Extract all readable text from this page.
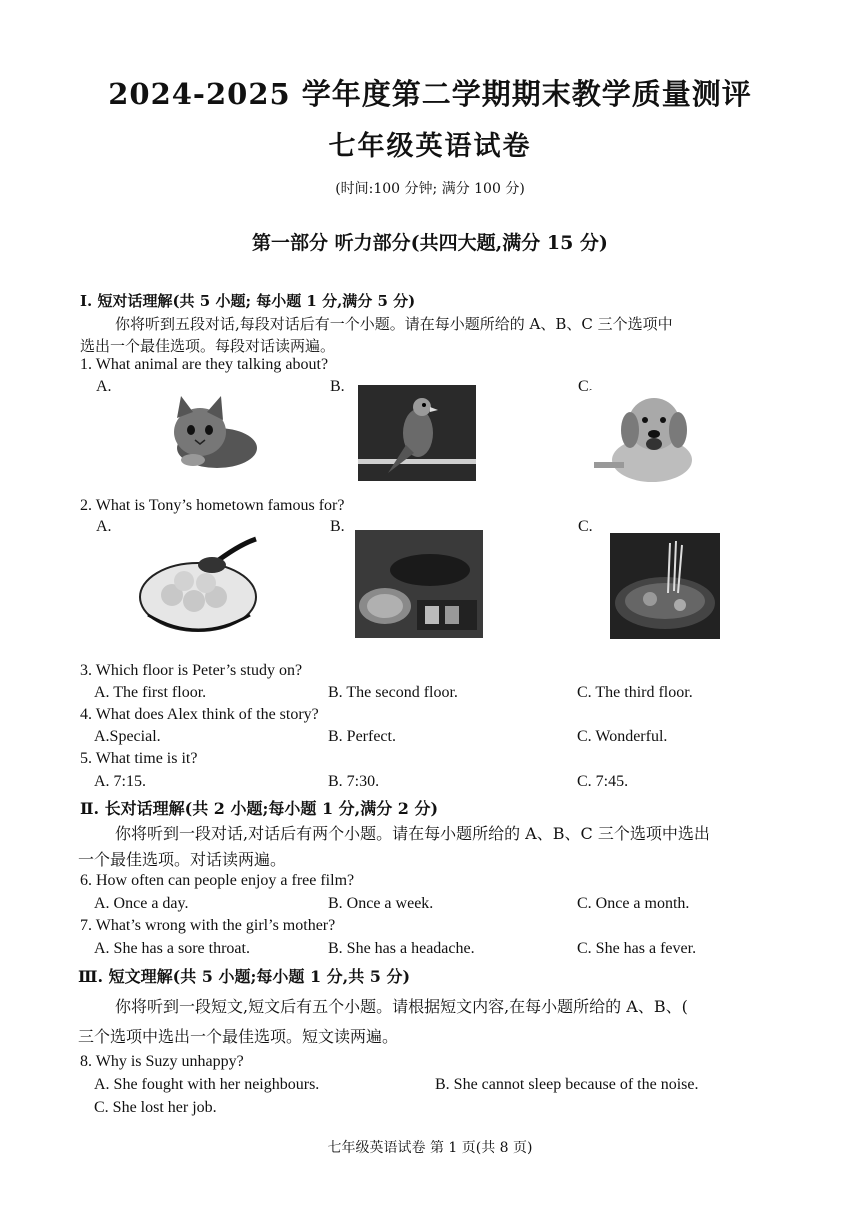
2024-2025 学年度第二学期期末教学质量测评
七年级英语试卷
(时间:100 分钟; 满分 100 分)
第一部分 听力部分(共四大题,满分 15 分)
Ⅰ. 短对话理解(共 5 小题; 每小题 1 分,满分 5 分)
你将听到五段对话,每段对话后有一个小题。请在每小题所给的 A、B、C 三个选项中
选出一个最佳选项。每段对话读两遍。
1. What animal are they talking about?
A.	B.	C.
2. What is Tony’s hometown famous for?
A.	B.	C.
3. Which floor is Peter’s study on?
A. The first floor.	B. The second floor.	C. The third floor.
4. What does Alex think of the story?
A.Special.	B. Perfect.	C. Wonderful.
5. What time is it?
A. 7:15.	B. 7:30.	C. 7:45.
Ⅱ. 长对话理解(共 2 小题;每小题 1 分,满分 2 分)
你将听到一段对话,对话后有两个小题。请在每小题所给的 A、B、C 三个选项中选出
一个最佳选项。对话读两遍。
6. How often can people enjoy a free film?
A. Once a day.	B. Once a week.	C. Once a month.
7. What’s wrong with the girl’s mother?
A. She has a sore throat.	B. She has a headache.	C. She has a fever.
Ⅲ. 短文理解(共 5 小题;每小题 1 分,共 5 分)
你将听到一段短文,短文后有五个小题。请根据短文内容,在每小题所给的 A、B、(
三个选项中选出一个最佳选项。短文读两遍。
8. Why is Suzy unhappy?
A. She fought with her neighbours.	B. She cannot sleep because of the noise.
C. She lost her job.
七年级英语试卷 第 1 页(共 8 页)
